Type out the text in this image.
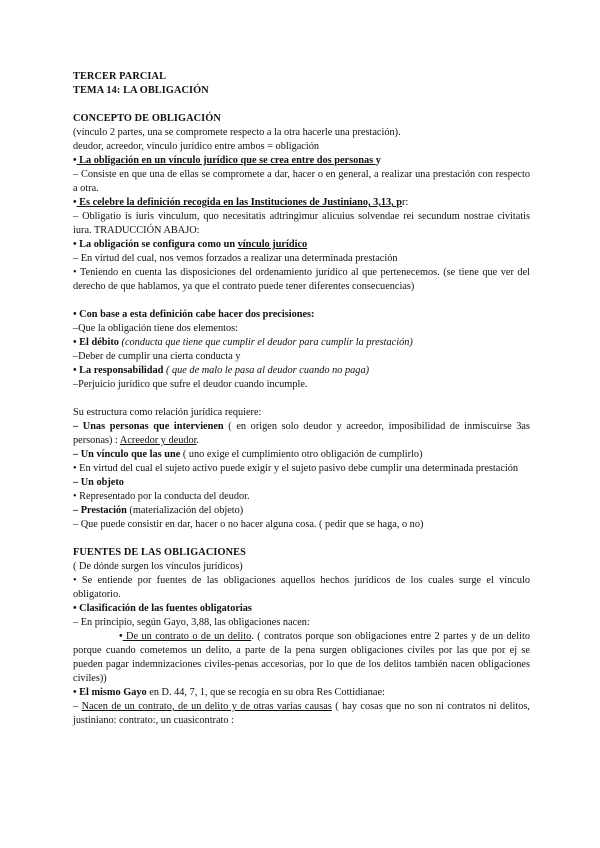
TERCER PARCIAL

TEMA 14: LA OBLIGACIÓN

CONCEPTO DE OBLIGACIÓN

(vínculo 2 partes, una se compromete respecto a la otra hacerle una prestación).

deudor, acreedor, vínculo jurídico entre ambos = obligación

• La obligación en un vínculo jurídico que se crea entre dos personas y

– Consiste en que una de ellas se compromete a dar, hacer o en general, a realizar una prestación con respecto a otra.

• Es celebre la definición recogida en las Instituciones de Justiniano, 3,13, pr:

– Obligatio is iuris vinculum, quo necesitatis adtringimur alicuius solvendae rei secundum nostrae civitatis iura. TRADUCCIÓN ABAJO:

• La obligación se configura como un vínculo jurídico

– En virtud del cual, nos vemos forzados a realizar una determinada prestación

• Teniendo en cuenta las disposiciones del ordenamiento jurídico al que pertenecemos. (se tiene que ver del derecho de que hablamos, ya que el contrato puede tener diferentes consecuencias)

• Con base a esta definición cabe hacer dos precisiones:

–Que la obligación tiene dos elementos:

• El débito (conducta que tiene que cumplir el deudor para cumplir la prestación)

–Deber de cumplir una cierta conducta y

• La responsabilidad ( que de malo le pasa al deudor cuando no paga)

–Perjuicio jurídico que sufre el deudor cuando incumple.

Su estructura como relación jurídica requiere:

– Unas personas que intervienen ( en origen solo deudor y acreedor, imposibilidad de inmiscuirse 3as personas) : Acreedor y deudor.

– Un vínculo que las une ( uno exige el cumplimiento otro obligación de cumplirlo)

• En virtud del cual el sujeto activo puede exigir y el sujeto pasivo debe cumplir una determinada prestación

– Un objeto

• Representado por la conducta del deudor.

– Prestación (materialización del objeto)

– Que puede consistir en dar, hacer o no hacer alguna cosa. ( pedir que se haga, o no)

FUENTES DE LAS OBLIGACIONES

( De dónde surgen los vínculos jurídicos)

• Se entiende por fuentes de las obligaciones aquellos hechos jurídicos de los cuales surge el vínculo obligatorio.

• Clasificación de las fuentes obligatorias

– En principio, según Gayo, 3,88, las obligaciones nacen:

• De un contrato o de un delito. ( contratos porque son obligaciones entre 2 partes y de un delito porque cuando cometemos un delito, a parte de la pena surgen obligaciones civiles por las que por ej se pueden pagar indemnizaciones civiles-penas accesorias, por lo que de los delitos también nacen obligaciones civiles))

• El mismo Gayo en D. 44, 7, 1, que se recogía en su obra Res Cottidianae:

– Nacen de un contrato, de un delito y de otras varias causas ( hay cosas que no son ni contratos ni delitos, justiniano: contrato:, un cuasicontrato :
